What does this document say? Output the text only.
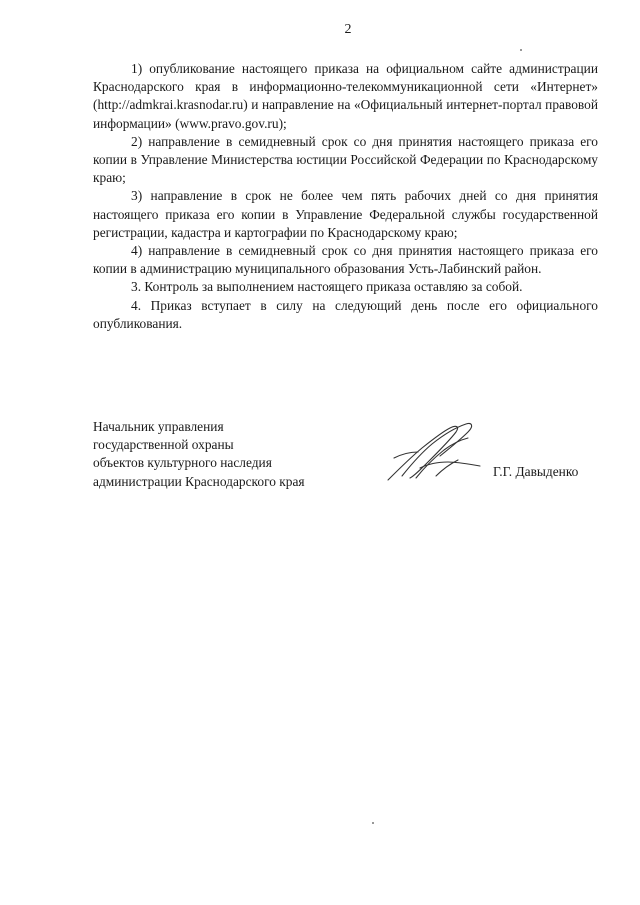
2

1) опубликование настоящего приказа на официальном сайте администрации Краснодарского края в информационно-телекоммуникационной сети «Интернет» (http://admkrai.krasnodar.ru) и направление на «Официальный интернет-портал правовой информации» (www.pravo.gov.ru);

2) направление в семидневный срок со дня принятия настоящего приказа его копии в Управление Министерства юстиции Российской Федерации по Краснодарскому краю;

3) направление в срок не более чем пять рабочих дней со дня принятия настоящего приказа его копии в Управление Федеральной службы государственной регистрации, кадастра и картографии по Краснодарскому краю;

4) направление в семидневный срок со дня принятия настоящего приказа его копии в администрацию муниципального образования Усть-Лабинский район.

3. Контроль за выполнением настоящего приказа оставляю за собой.

4. Приказ вступает в силу на следующий день после его официального опубликования.

Начальник управления
государственной охраны
объектов культурного наследия
администрации Краснодарского края
Г.Г. Давыденко
